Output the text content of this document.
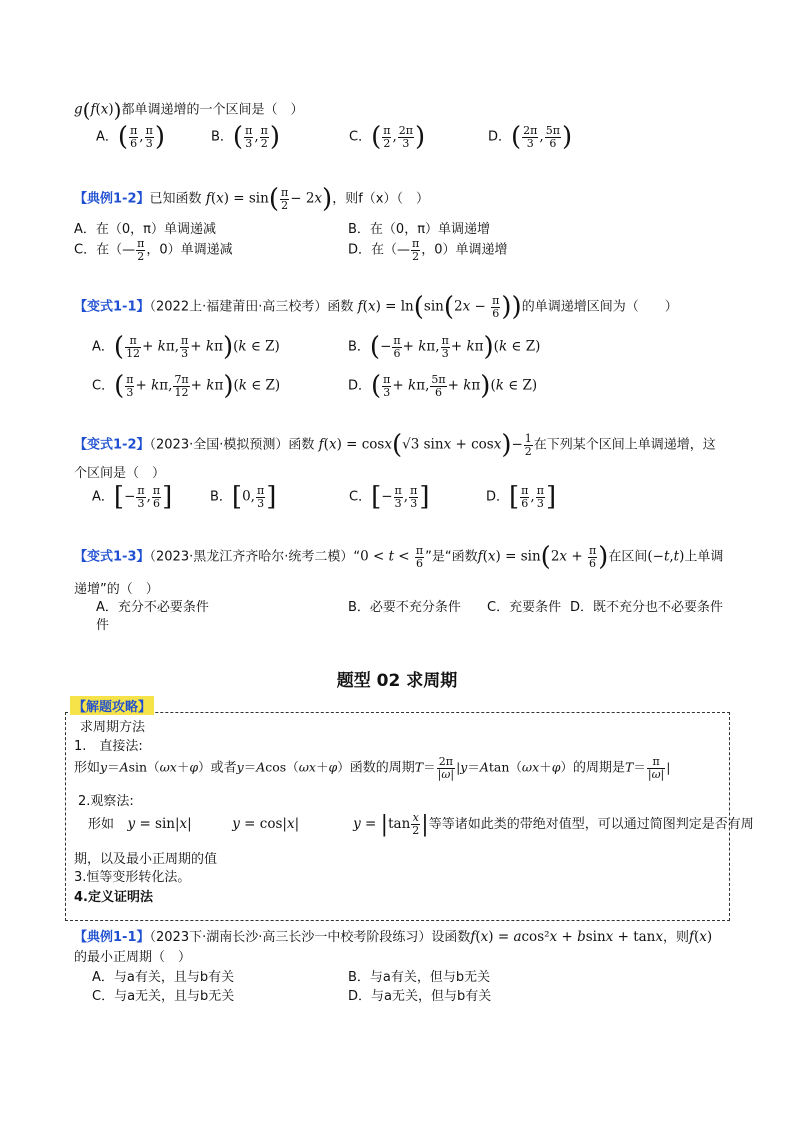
g(f(x))都单调递增的一个区间是（　）
A．( $\frac{\pi}{6}$ , $\frac{\pi}{3}$ )	B．( $\frac{\pi}{3}$ , $\frac{\pi}{2}$ )	C．( $\frac{\pi}{2}$ , $\frac{2\pi}{3}$ )	D．( $\frac{2\pi}{3}$ , $\frac{5\pi}{6}$ )
【典例1-2】已知函数 $f(x) = \sin( \frac{\pi}{2} - 2x)$，则f（x）（　）
A．在（0，π）单调递减	B．在（0，π）单调递增
C．在（— $\frac{\pi}{2}$ ，0）单调递减	D．在（— $\frac{\pi}{2}$ ，0）单调递增
【变式1-1】（2022上·福建莆田·高三校考）函数 $f(x) = \ln(\sin(2x - \frac{\pi}{6}$ ))的单调递增区间为（　　）
A．( $\frac{\pi}{12} + k\pi$, $\frac{\pi}{3} + k\pi)(k$ ∈ Z)	B．(− $\frac{\pi}{6} + k\pi$, $\frac{\pi}{3} + k\pi)(k$ ∈ Z)
C．( $\frac{\pi}{3} + k\pi$, $\frac{7\pi}{12} + k\pi)(k$ ∈ Z)	D．( $\frac{\pi}{3} + k\pi$, $\frac{5\pi}{6} + k\pi)(k$ ∈ Z)
【变式1-2】（2023·全国·模拟预测）函数 f(x) = cosx(√3 $\sin x + \cos x)- \frac{1}{2}$ 在下列某个区间上单调递增，这
个区间是（　）
A．[− $\frac{\pi}{3}$ , $\frac{\pi}{6}$ ]	B．[0, $\frac{\pi}{3}$ ]	C．[− $\frac{\pi}{3}$ , $\frac{\pi}{3}$ ]	D．[ $\frac{\pi}{6}$ , $\frac{\pi}{3}$ ]
【变式1-3】（2023·黑龙江齐齐哈尔·统考二模）“0 < $t < \frac{\pi}{6}$ ”是“函数$f(x) = \sin(2x + \frac{\pi}{6}$ )在区间(−t,t)上单调
递增”的（　）
A．充分不必要条件
件
B．必要不充分条件 C．充要条件 D．既不充分也不必要条件
题型 02 求周期
【解题攻略】
求周期方法
1.　直接法:
形如y＝Asin（ωx＋φ）或者y＝Acos（ωx＋φ）函数的周期$T= \frac{2\pi}{|\omega|} |y=Atan(\omega x+\varphi)$的周期是$T= \frac{\pi}{|\omega|}$ |
2.观察法:
形如　 y = sin|x|　　　y = cos|x|　　　　$y = |\tan \frac{x}{2}$ |等等诸如此类的带绝对值型，可以通过简图判定是否有周
期，以及最小正周期的值
3.恒等变形转化法。
4.定义证明法
【典例1-1】（2023下·湖南长沙·高三长沙一中校考阶段练习）设函数f(x) = acos²x + bsinx + tanx，则f(x)
的最小正周期（　）
A．与a有关，且与b有关	B．与a有关，但与b无关
C．与a无关，且与b无关	D．与a无关，但与b有关
